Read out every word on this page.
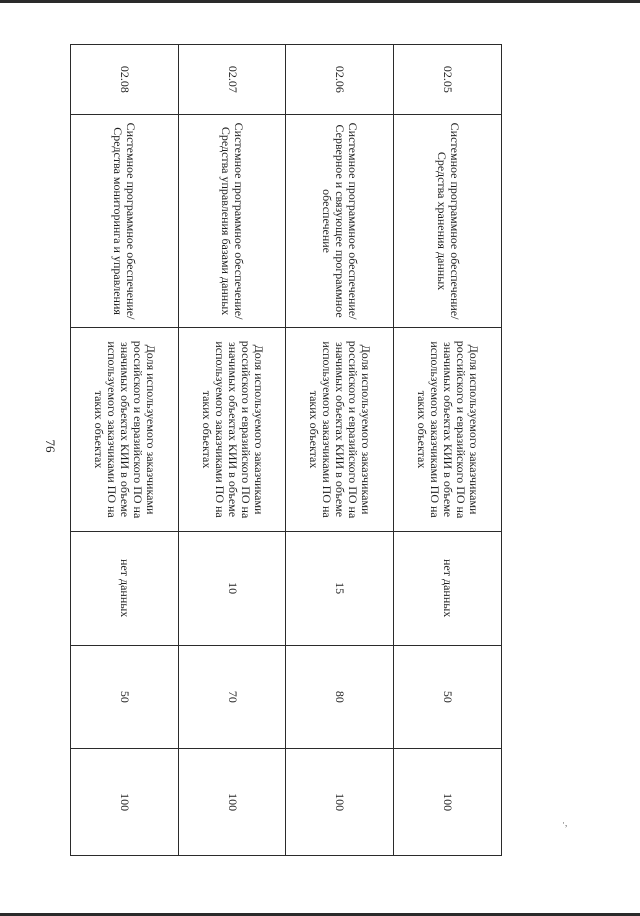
76
02.05
Системное программное обеспечение/Средства хранения данных
Доля используемого заказчиками российского и евразийского ПО на значимых объектах КИИ в объеме используемого заказчиками ПО на таких объектах
нет данных
50
100
02.06
Системное программное обеспечение/Серверное и связующее программное обеспечение
Доля используемого заказчиками российского и евразийского ПО на значимых объектах КИИ в объеме используемого заказчиками ПО на таких объектах
15
80
100
02.07
Системное программное обеспечение/Средства управления базами данных
Доля используемого заказчиками российского и евразийского ПО на значимых объектах КИИ в объеме используемого заказчиками ПО на таких объектах
10
70
100
02.08
Системное программное обеспечение/Средства мониторинга и управления
Доля используемого заказчиками российского и евразийского ПО на значимых объектах КИИ в объеме используемого заказчиками ПО на таких объектах
нет данных
50
100
·,
